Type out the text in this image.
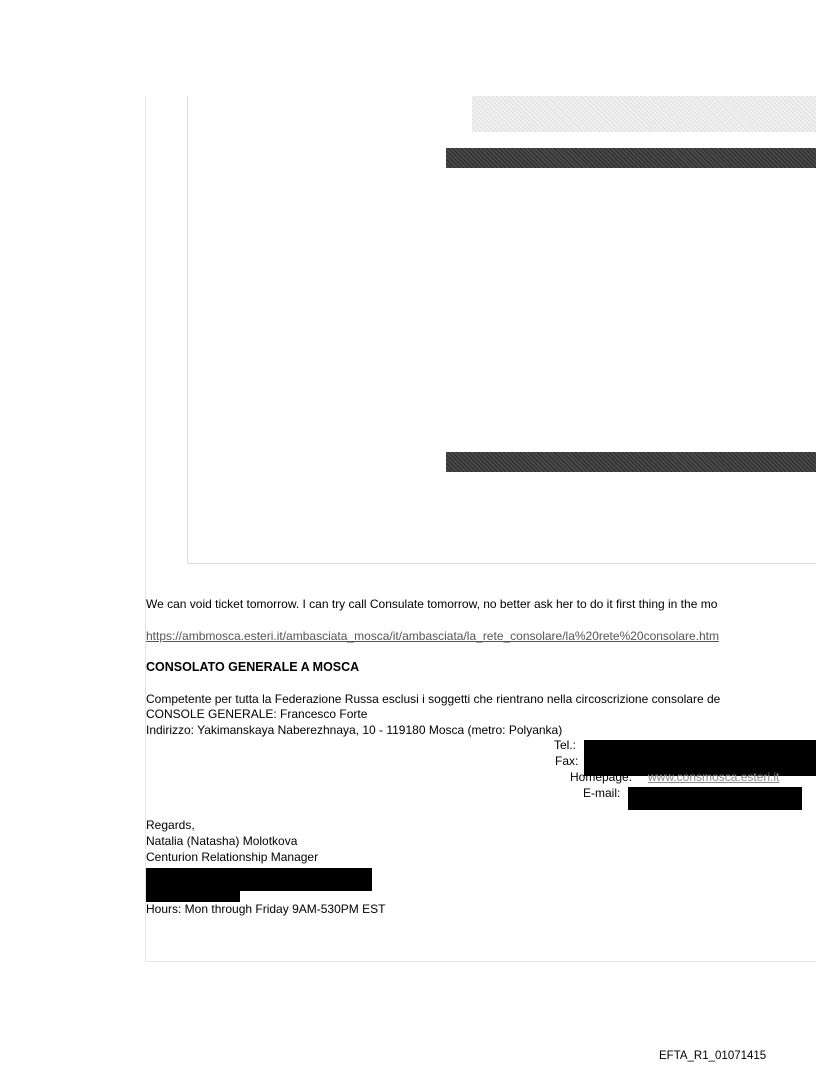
We can void ticket tomorrow. I can try call Consulate tomorrow, no better ask her to do it first thing in the mo
https://ambmosca.esteri.it/ambasciata_mosca/it/ambasciata/la_rete_consolare/la%20rete%20consolare.htm
CONSOLATO GENERALE A MOSCA
Competente per tutta la Federazione Russa esclusi i soggetti che rientrano nella circoscrizione consolare de
CONSOLE GENERALE: Francesco Forte
Indirizzo: Yakimanskaya Naberezhnaya, 10 - 119180 Mosca (metro: Polyanka)
Tel.:
Fax:
Homepage: www.consmosca.esteri.it
E-mail:
Regards,
Natalia (Natasha) Molotkova
Centurion Relationship Manager
Hours: Mon through Friday 9AM-530PM EST
EFTA_R1_01071415
